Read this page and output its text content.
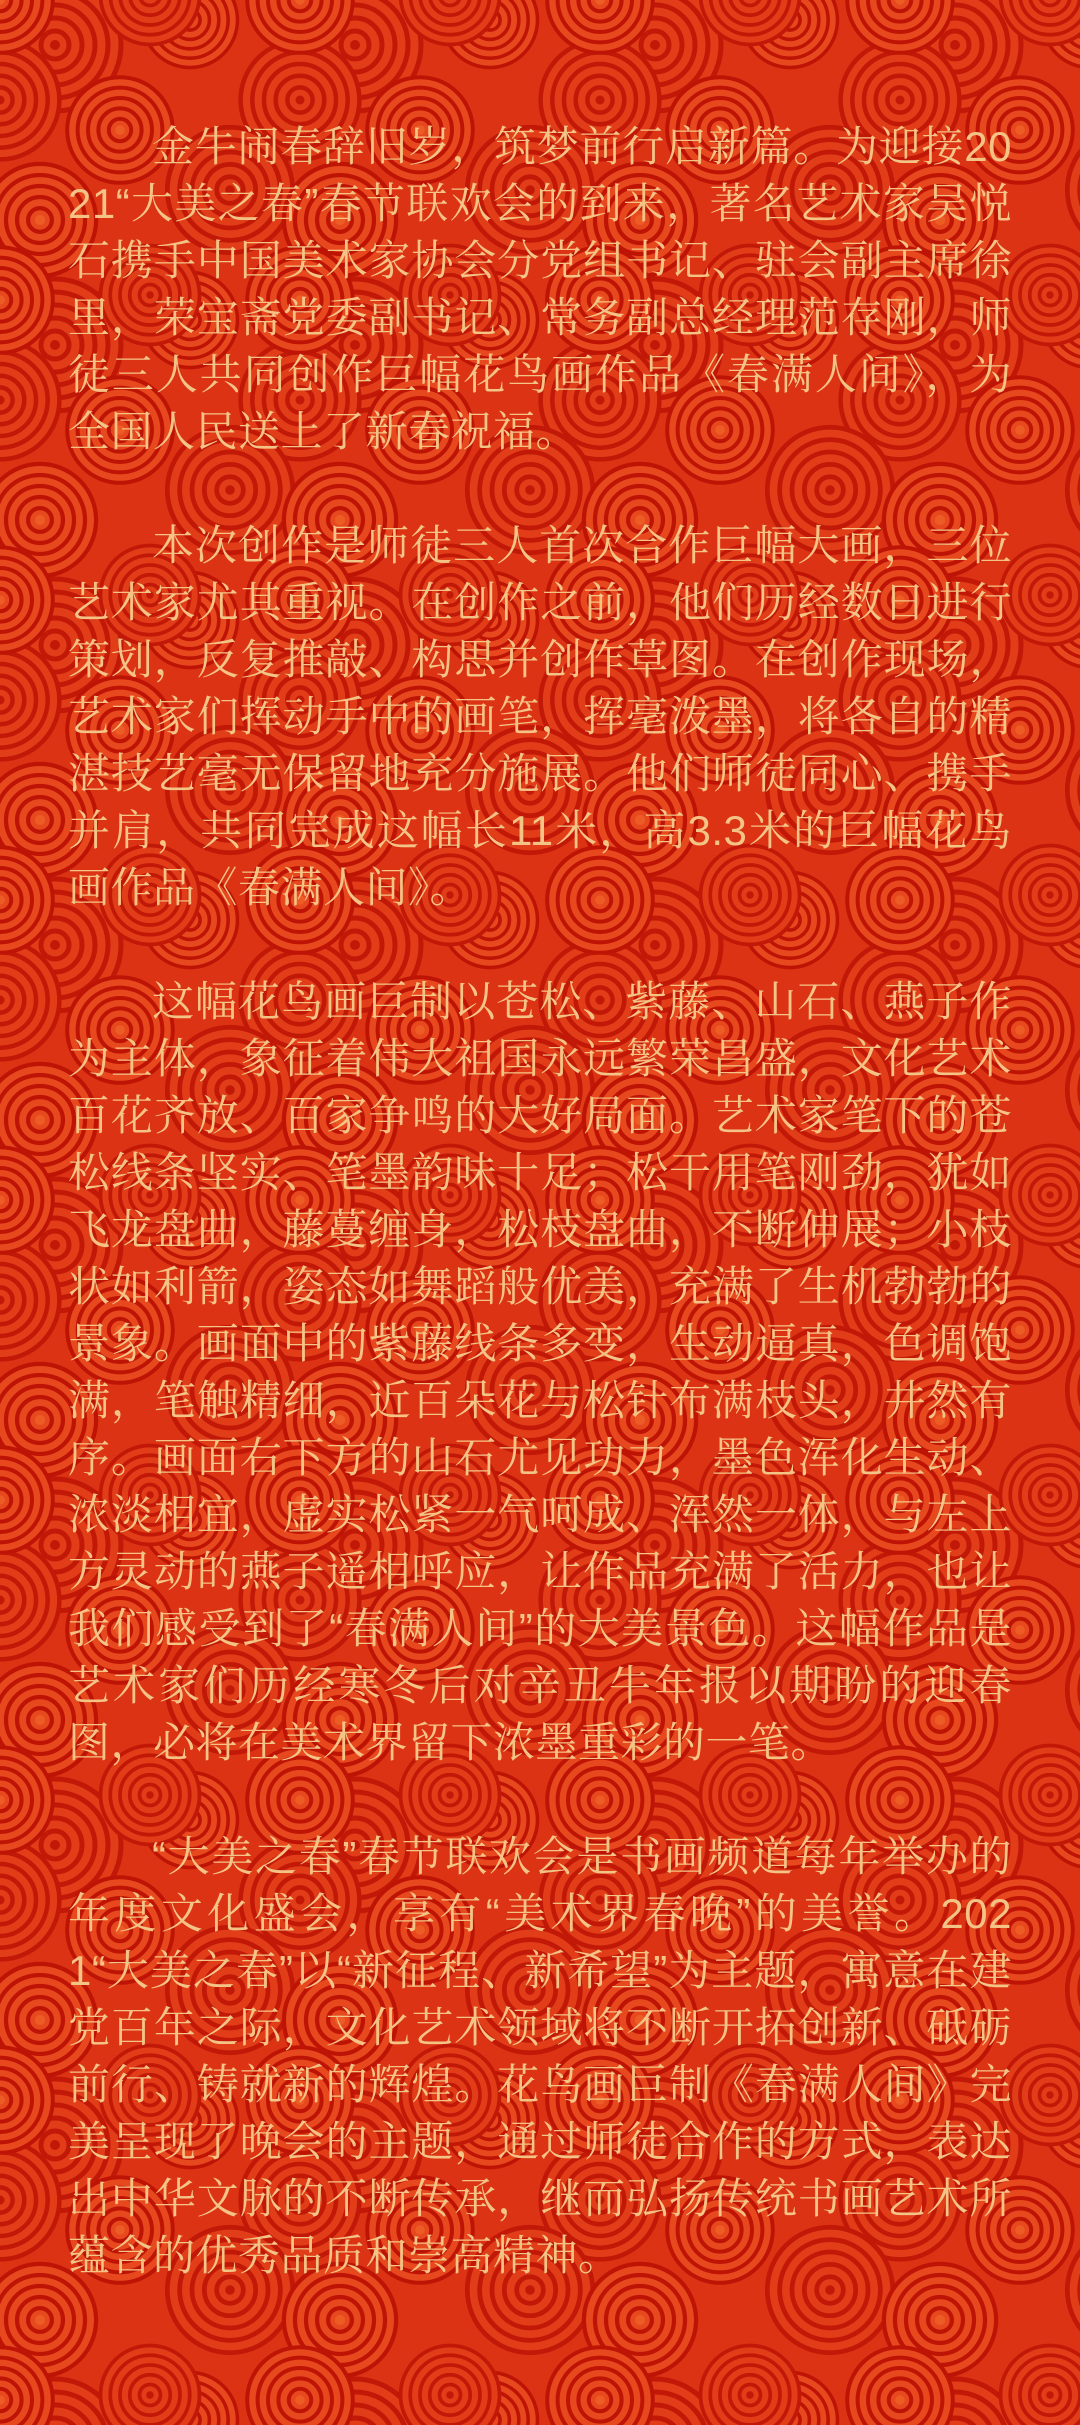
金牛闹春辞旧岁，筑梦前行启新篇。为迎接2021“大美之春”春节联欢会的到来，著名艺术家吴悦石携手中国美术家协会分党组书记、驻会副主席徐里，荣宝斋党委副书记、常务副总经理范存刚，师徒三人共同创作巨幅花鸟画作品《春满人间》，为全国人民送上了新春祝福。

本次创作是师徒三人首次合作巨幅大画，三位艺术家尤其重视。在创作之前，他们历经数日进行策划，反复推敲、构思并创作草图。在创作现场，艺术家们挥动手中的画笔，挥毫泼墨，将各自的精湛技艺毫无保留地充分施展。他们师徒同心、携手并肩，共同完成这幅长11米，高3.3米的巨幅花鸟画作品《春满人间》。

这幅花鸟画巨制以苍松、紫藤、山石、燕子作为主体，象征着伟大祖国永远繁荣昌盛，文化艺术百花齐放、百家争鸣的大好局面。艺术家笔下的苍松线条坚实、笔墨韵味十足；松干用笔刚劲，犹如飞龙盘曲，藤蔓缠身，松枝盘曲，不断伸展；小枝状如利箭，姿态如舞蹈般优美，充满了生机勃勃的景象。画面中的紫藤线条多变，生动逼真，色调饱满，笔触精细，近百朵花与松针布满枝头，井然有序。画面右下方的山石尤见功力，墨色浑化生动、浓淡相宜，虚实松紧一气呵成、浑然一体，与左上方灵动的燕子遥相呼应，让作品充满了活力，也让我们感受到了“春满人间”的大美景色。这幅作品是艺术家们历经寒冬后对辛丑牛年报以期盼的迎春图，必将在美术界留下浓墨重彩的一笔。

“大美之春”春节联欢会是书画频道每年举办的年度文化盛会，享有“美术界春晚”的美誉。2021“大美之春”以“新征程、新希望”为主题，寓意在建党百年之际，文化艺术领域将不断开拓创新、砥砺前行、铸就新的辉煌。花鸟画巨制《春满人间》完美呈现了晚会的主题，通过师徒合作的方式，表达出中华文脉的不断传承，继而弘扬传统书画艺术所蕴含的优秀品质和崇高精神。
